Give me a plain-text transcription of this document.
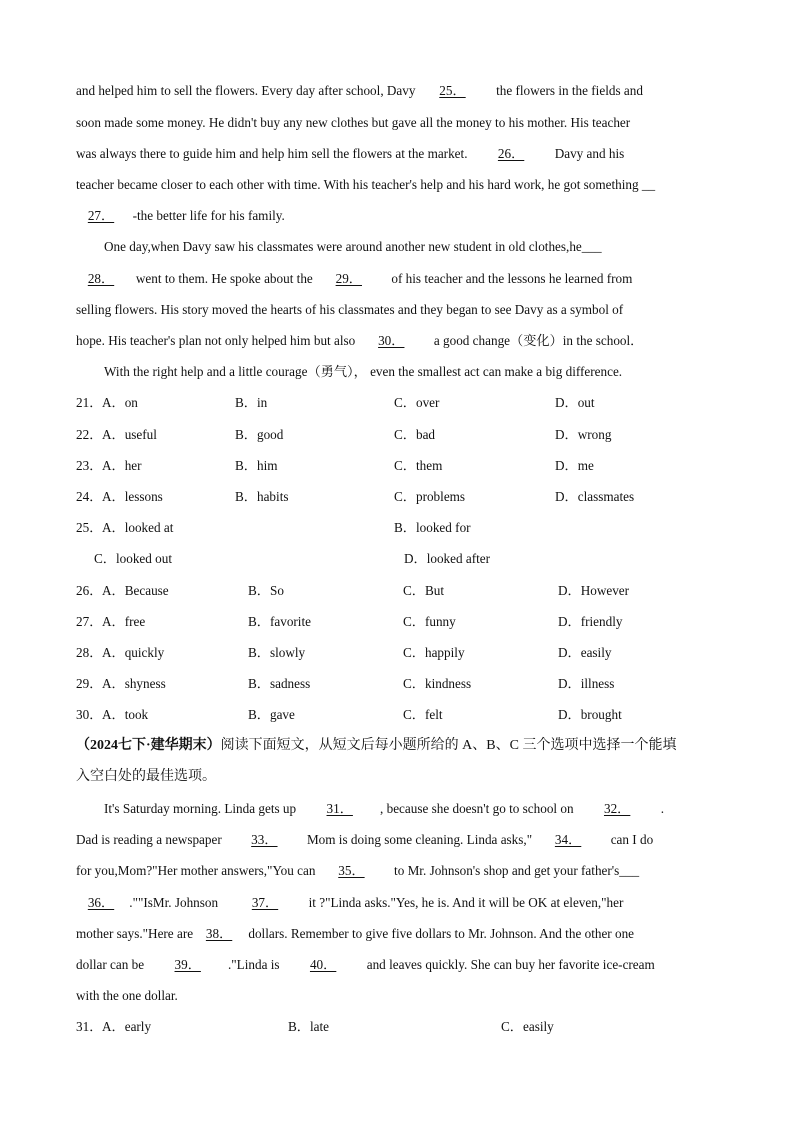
and helped him to sell the flowers. Every day after school, Davy 25． the flowers in the fields and
soon made some money. He didn't buy any new clothes but gave all the money to his mother. His teacher
was always there to guide him and help him sell the flowers at the market. 26． Davy and his
teacher became closer to each other with time. With his teacher's help and his hard work, he got something __
27． -the better life for his family.
One day,when Davy saw his classmates were around another new student in old clothes,he___
28． went to them. He spoke about the 29． of his teacher and the lessons he learned from
selling flowers. His story moved the hearts of his classmates and they began to see Davy as a symbol of
hope. His teacher's plan not only helped him but also 30． a good change（变化）in the school．
With the right help and a little courage（勇气）， even the smallest act can make a big difference.
21． A．on	B．in	C．over	D．out
22． A．useful	B．good	C．bad	D．wrong
23． A．her	B．him	C．them	D．me
24． A．lessons	B．habits	C．problems	D．classmates
25． A．looked at	B．looked for
C．looked out	D．looked after
26． A．Because	B．So	C．But	D．However
27． A．free	B．favorite	C．funny	D．friendly
28． A．quickly	B．slowly	C．happily	D．easily
29． A．shyness	B．sadness	C．kindness	D．illness
30． A．took	B．gave	C．felt	D．brought
（2024七下·建华期末）阅读下面短文，从短文后每小题所给的 A、B、C 三个选项中选择一个能填
入空白处的最佳选项。
It's Saturday morning. Linda gets up 31． , because she doesn't go to school on 32． .
Dad is reading a newspaper 33． Mom is doing some cleaning. Linda asks," 34． can I do
for you,Mom?"Her mother answers,"You can 35． to Mr. Johnson's shop and get your father's___
36． .""IsMr. Johnson	37． it ?"Linda asks."Yes, he is. And it will be OK at eleven,"her
mother says."Here are 38． dollars. Remember to give five dollars to Mr. Johnson. And the other one
dollar can be 39． ."Linda is 40． and leaves quickly. She can buy her favorite ice-cream
with the one dollar.
31． A．early	B．late	C．easily
